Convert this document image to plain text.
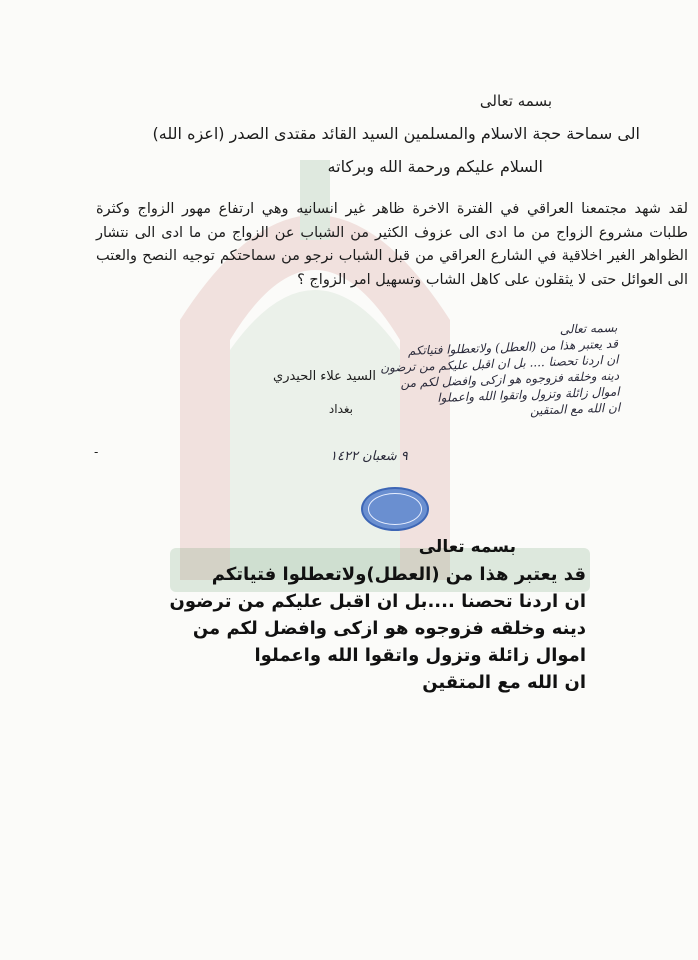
بسمه تعالى
الى سماحة حجة الاسلام والمسلمين السيد القائد مقتدى الصدر (اعزه الله)
السلام عليكم ورحمة الله وبركاته
لقد شهد مجتمعنا العراقي في الفترة الاخرة ظاهر غير انسانيه وهي ارتفاع مهور الزواج وكثرة طلبات مشروع الزواج من ما ادى الى عزوف الكثير من الشباب عن الزواج من ما ادى الى نتشار الظواهر الغير اخلاقية في الشارع العراقي من قبل الشباب نرجو من سماحتكم توجيه النصح والعتب الى العوائل حتى لا يثقلون على كاهل الشاب وتسهيل امر الزواج ؟
السيد علاء الحيدري
بغداد
-
بسمه تعالى
قد يعتبر هذا من (العطل) ولاتعطلوا فتياتكم
ان اردنا تحصنا .... بل ان اقبل عليكم من ترضون
دينه وخلقه فزوجوه هو ازكى وافضل لكم من
اموال زائلة وتزول واتقوا الله واعملوا
ان الله مع المتقين
٩ شعبان ١٤٢٢
بسمه تعالى
قد يعتبر هذا من (العطل)ولاتعطلوا فتياتكم
ان اردنا تحصنا ....بل ان اقبل عليكم من ترضون
دينه وخلقه فزوجوه هو ازكى وافضل لكم من
اموال زائلة وتزول واتقوا الله واعملوا
ان الله مع المتقين
